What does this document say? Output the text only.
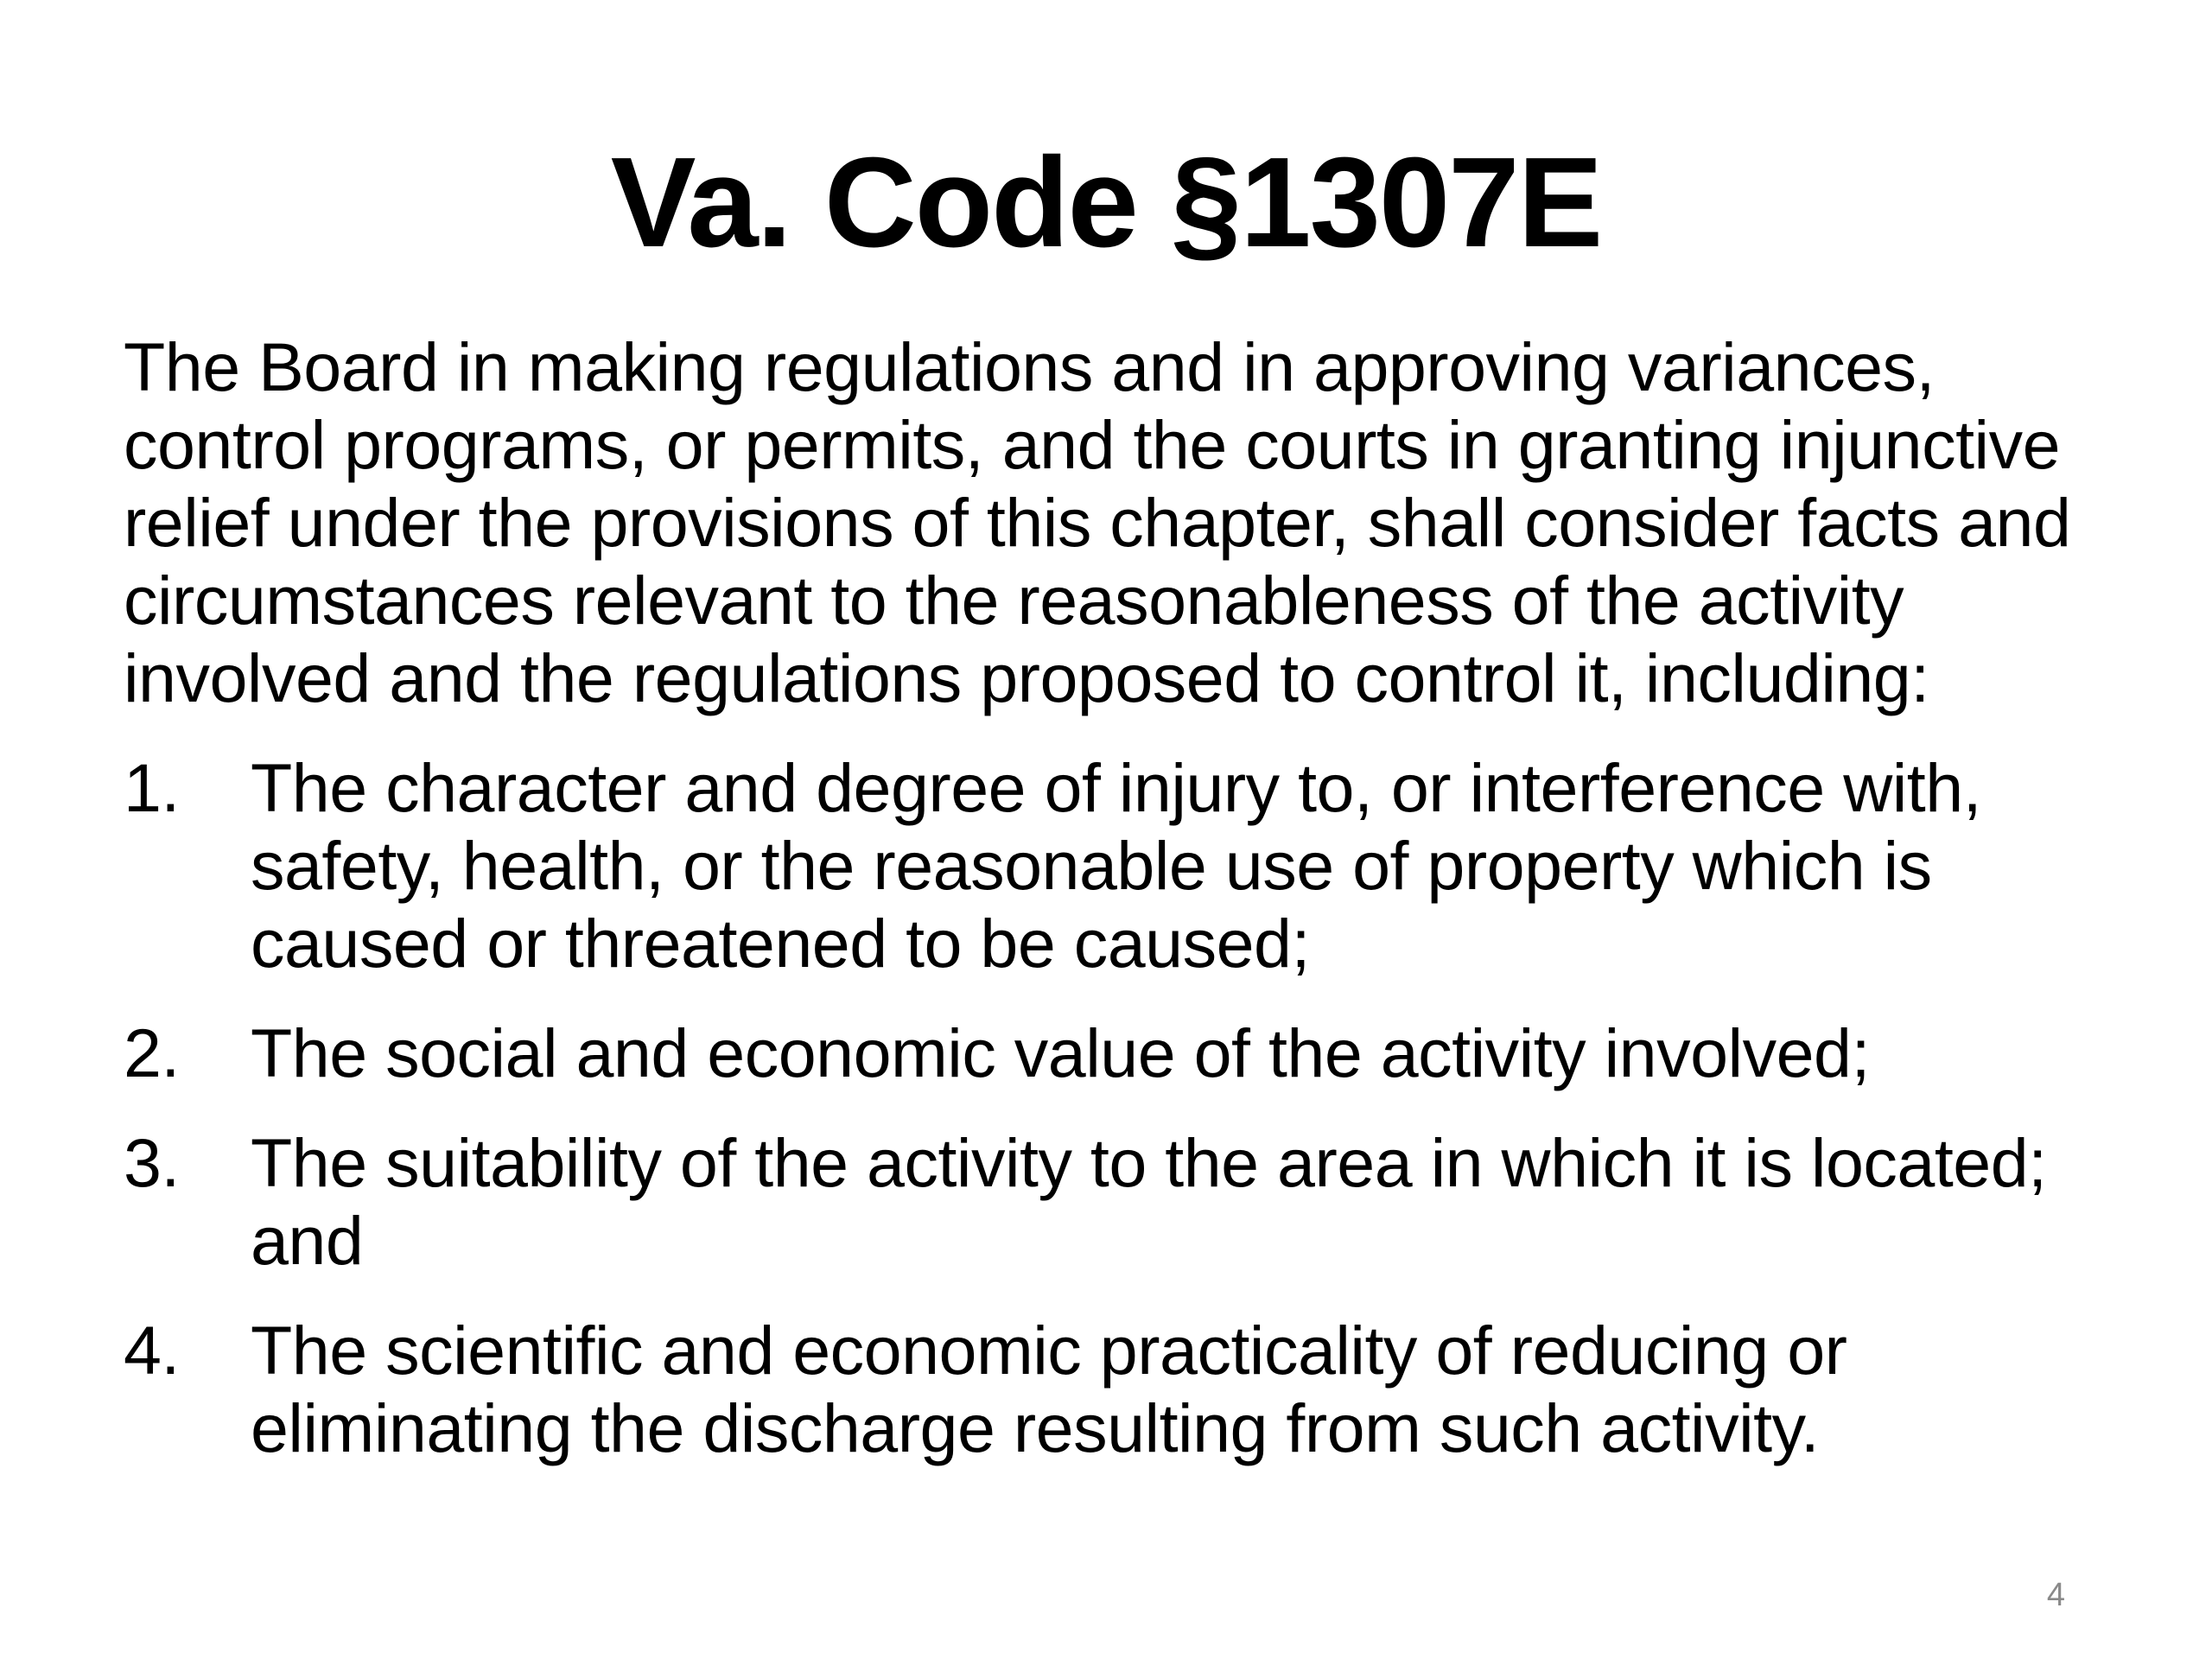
Va. Code §1307E

The Board in making regulations and in approving variances, control programs, or permits, and the courts in granting injunctive relief under the provisions of this chapter, shall consider facts and circumstances relevant to the reasonableness of the activity involved and the regulations proposed to control it, including:

1. The character and degree of injury to, or interference with, safety, health, or the reasonable use of property which is caused or threatened to be caused;
2. The social and economic value of the activity involved;
3. The suitability of the activity to the area in which it is located; and
4. The scientific and economic practicality of reducing or eliminating the discharge resulting from such activity.
4
